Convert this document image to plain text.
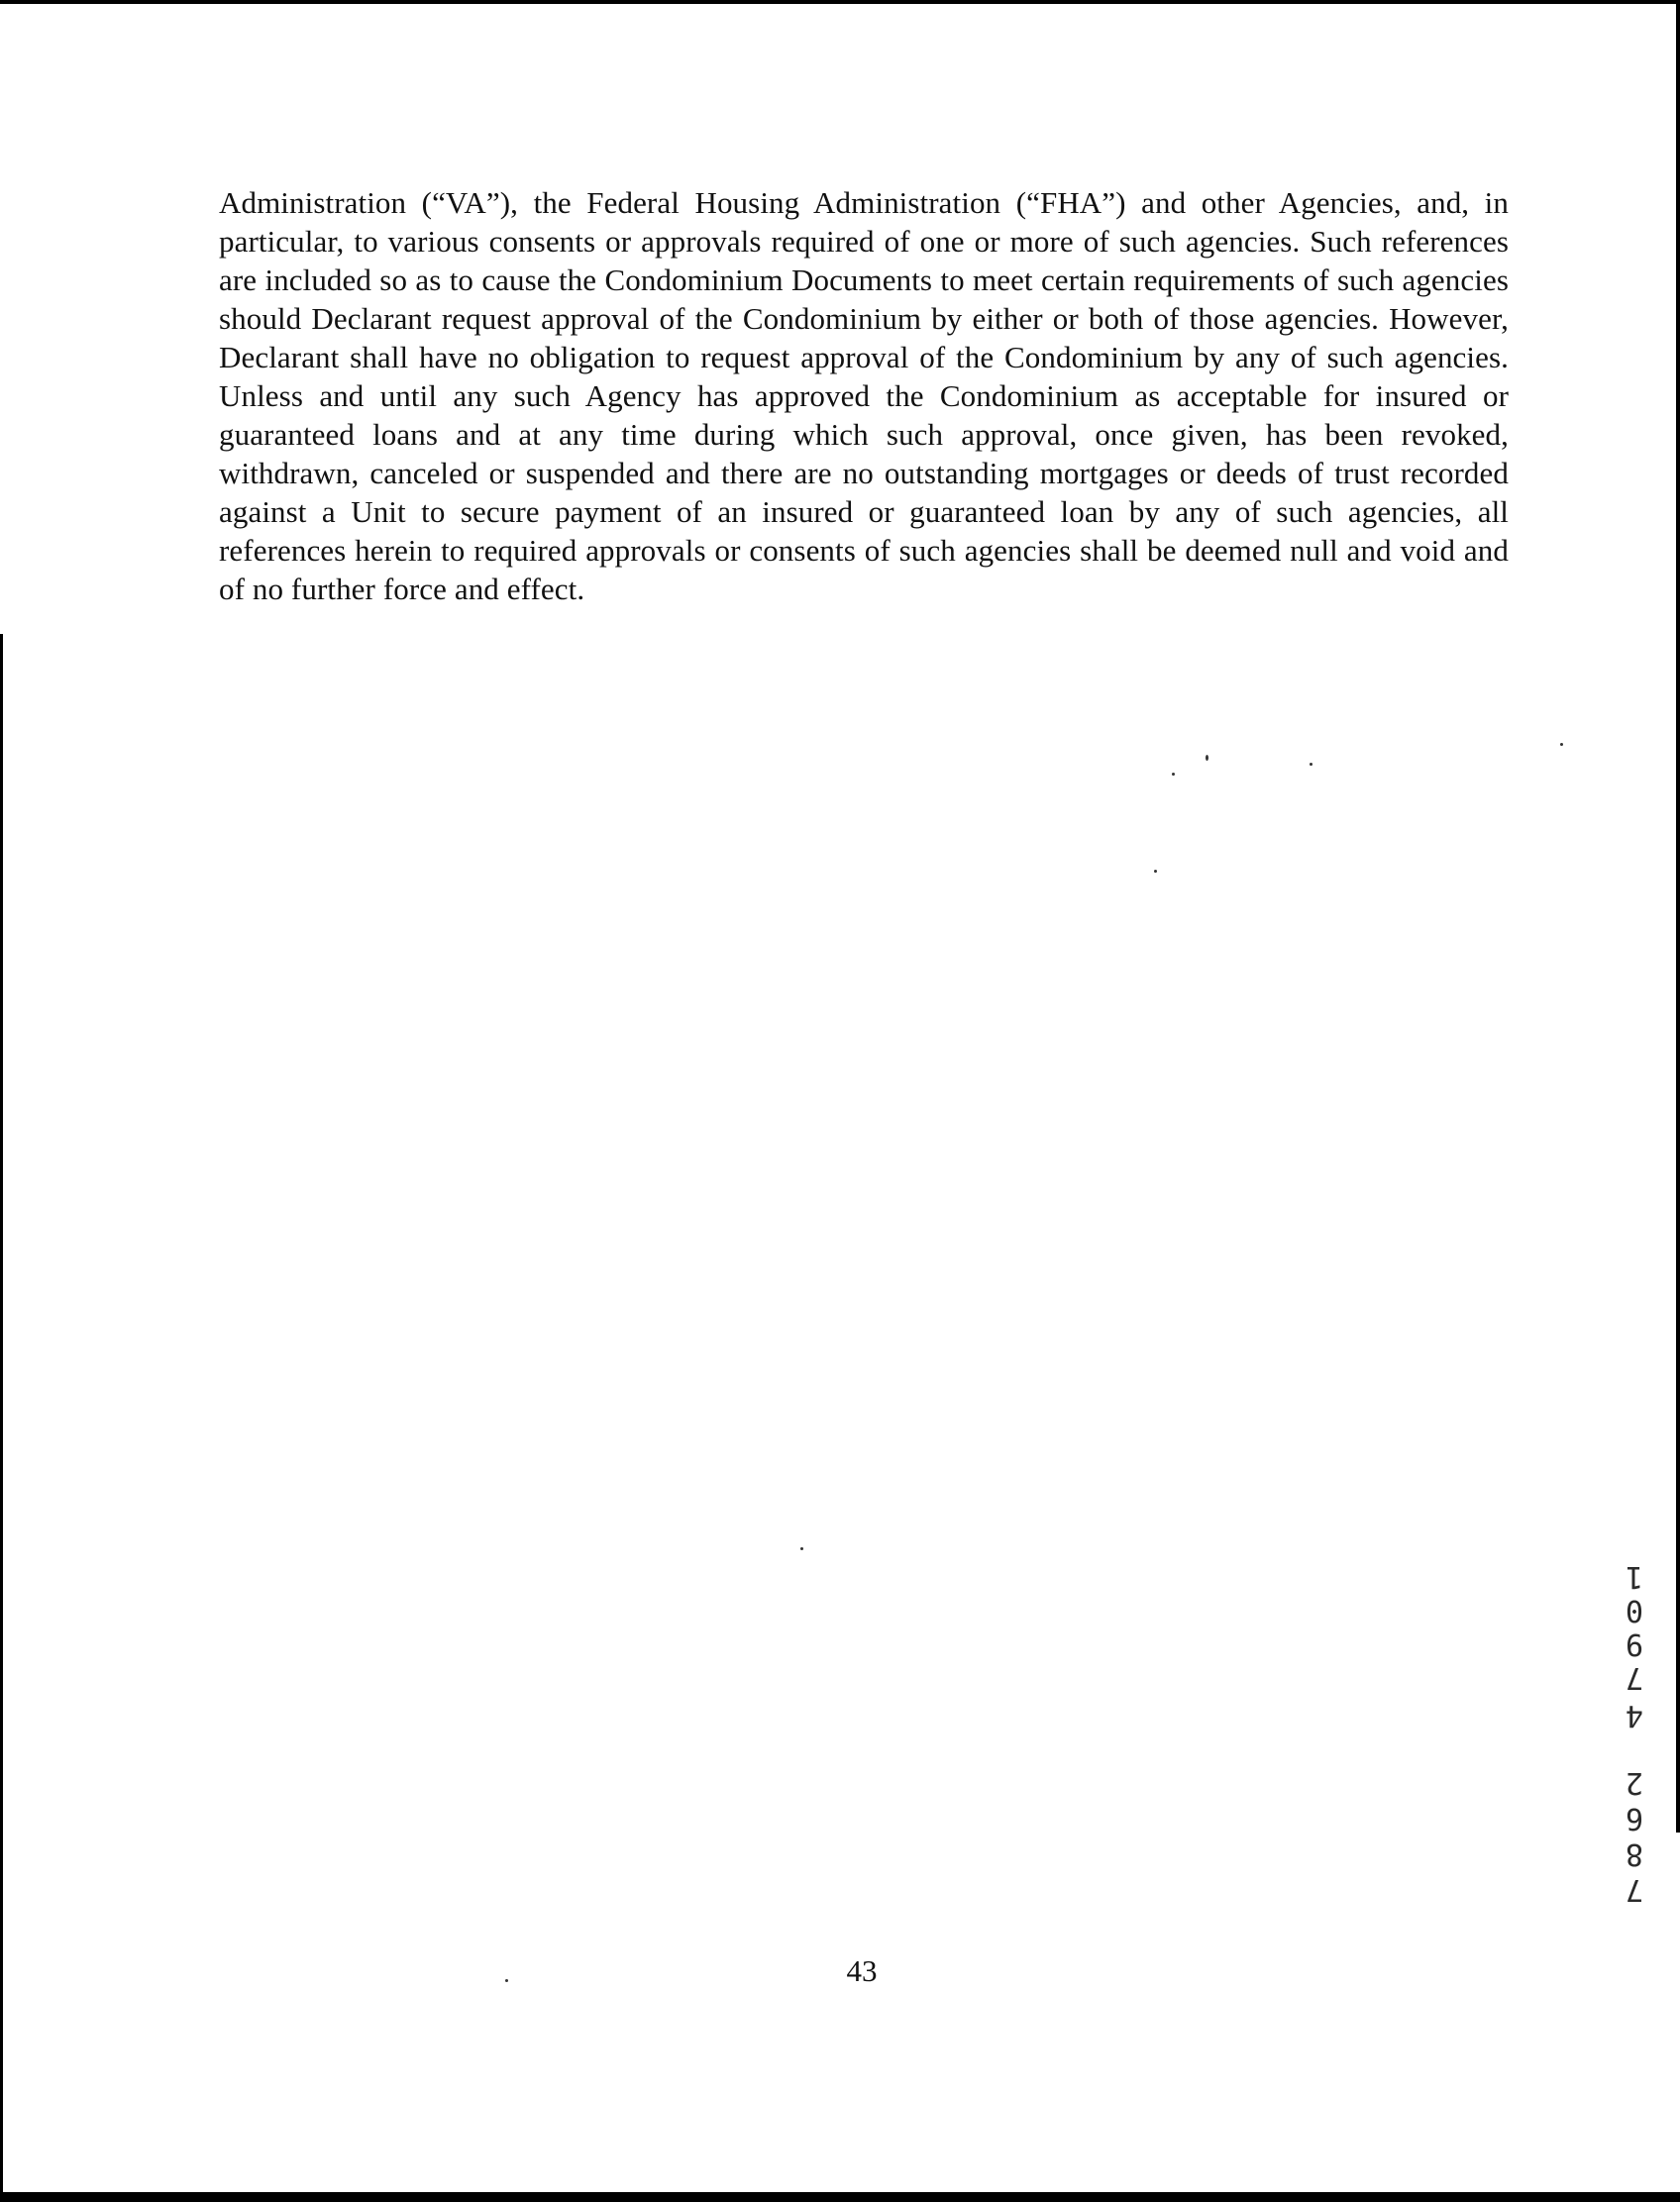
Administration (“VA”), the Federal Housing Administration (“FHA”) and other Agencies, and, in particular, to various consents or approvals required of one or more of such agencies. Such references are included so as to cause the Condominium Documents to meet certain requirements of such agencies should Declarant request approval of the Condominium by either or both of those agencies. However, Declarant shall have no obligation to request approval of the Condominium by any of such agencies. Unless and until any such Agency has approved the Condominium as acceptable for insured or guaranteed loans and at any time during which such approval, once given, has been revoked, withdrawn, canceled or suspended and there are no outstanding mortgages or deeds of trust recorded against a Unit to secure payment of an insured or guaranteed loan by any of such agencies, all references herein to required approvals or consents of such agencies shall be deemed null and void and of no further force and effect.

1
0
9
7
4
2
6
8
7
43
